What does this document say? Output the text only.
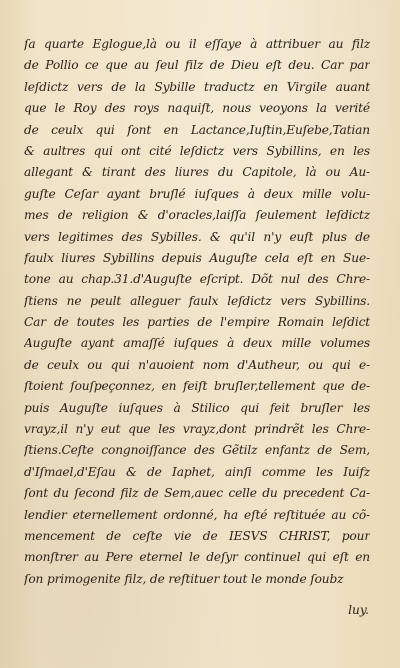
ſa quarte Eglogue,là ou il eſſaye à attribuer au filz
de Pollio ce que au ſeul filz de Dieu eſt deu. Car par
leſdictz vers de la Sybille traductz en Virgile auant
que le Roy des roys naquiſt, nous veoyons la verité
de ceulx qui ſont en Lactance,Iuſtin,Euſebe,Tatian
& aultres qui ont cité leſdictz vers Sybillins, en les
allegant & tirant des liures du Capitole, là ou Au-
guſte Ceſar ayant bruſlé iuſques à deux mille volu-
mes de religion & d'oracles,laiſſa ſeulement leſdictz
vers legitimes des Sybilles. & qu'il n'y euſt plus de
faulx liures Sybillins depuis Auguſte cela eſt en Sue-
tone au chap.31.d'Auguſte eſcript. Dõt nul des Chre-
ſtiens ne peult alleguer faulx leſdictz vers Sybillins.
Car de toutes les parties de l'empire Romain leſdict
Auguſte ayant amaſſé iuſques à deux mille volumes
de ceulx ou qui n'auoient nom d'Autheur, ou qui e-
ſtoient ſouſpeçonnez, en feiſt bruſler,tellement que de-
puis Auguſte iuſques à Stilico qui feit bruſler les
vrayz,il n'y eut que les vrayz,dont prindrẽt les Chre-
ſtiens.Ceſte congnoiſſance des Gẽtilz enfantz de Sem,
d'Iſmael,d'Eſau & de Iaphet, ainſi comme les Iuifz
ſont du ſecond filz de Sem,auec celle du precedent Ca-
lendier eternellement ordonné, ha eſté reſtituée au cõ-
mencement de ceſte vie de IESVS CHRIST, pour
monſtrer au Pere eternel le deſyr continuel qui eſt en
ſon primogenite filz, de reſtituer tout le monde ſoubz
luy.
